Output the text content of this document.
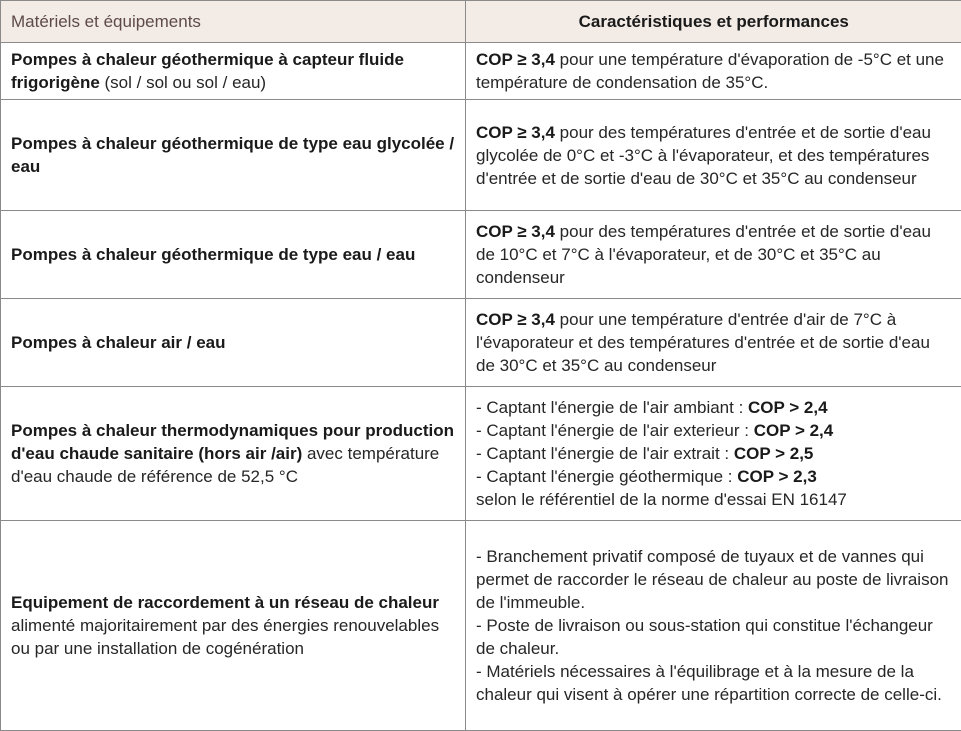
Matériels et équipements	Caractéristiques et performances
Pompes à chaleur géothermique à capteur fluide frigorigène (sol / sol ou sol / eau)	COP ≥ 3,4 pour une température d'évaporation de -5°C et une température de condensation de 35°C.
Pompes à chaleur géothermique de type eau glycolée / eau	COP ≥ 3,4 pour des températures d'entrée et de sortie d'eau glycolée de 0°C et -3°C à l'évaporateur, et des températures d'entrée et de sortie d'eau de 30°C et 35°C au condenseur
Pompes à chaleur géothermique de type eau / eau	COP ≥ 3,4 pour des températures d'entrée et de sortie d'eau de 10°C et 7°C à l'évaporateur, et de 30°C et 35°C au condenseur
Pompes à chaleur air / eau	COP ≥ 3,4 pour une température d'entrée d'air de 7°C à l'évaporateur et des températures d'entrée et de sortie d'eau de 30°C et 35°C au condenseur
Pompes à chaleur thermodynamiques pour production d'eau chaude sanitaire (hors air /air) avec température d'eau chaude de référence de 52,5 °C	- Captant l'énergie de l'air ambiant : COP > 2,4
- Captant l'énergie de l'air exterieur : COP > 2,4
- Captant l'énergie de l'air extrait : COP > 2,5
- Captant l'énergie géothermique : COP > 2,3
selon le référentiel de la norme d'essai EN 16147

Equipement de raccordement à un réseau de chaleur alimenté majoritairement par des énergies renouvelables ou par une installation de cogénération	- Branchement privatif composé de tuyaux et de vannes qui permet de raccorder le réseau de chaleur au poste de livraison de l'immeuble.
- Poste de livraison ou sous-station qui constitue l'échangeur de chaleur.
- Matériels nécessaires à l'équilibrage et à la mesure de la chaleur qui visent à opérer une répartition correcte de celle-ci.
